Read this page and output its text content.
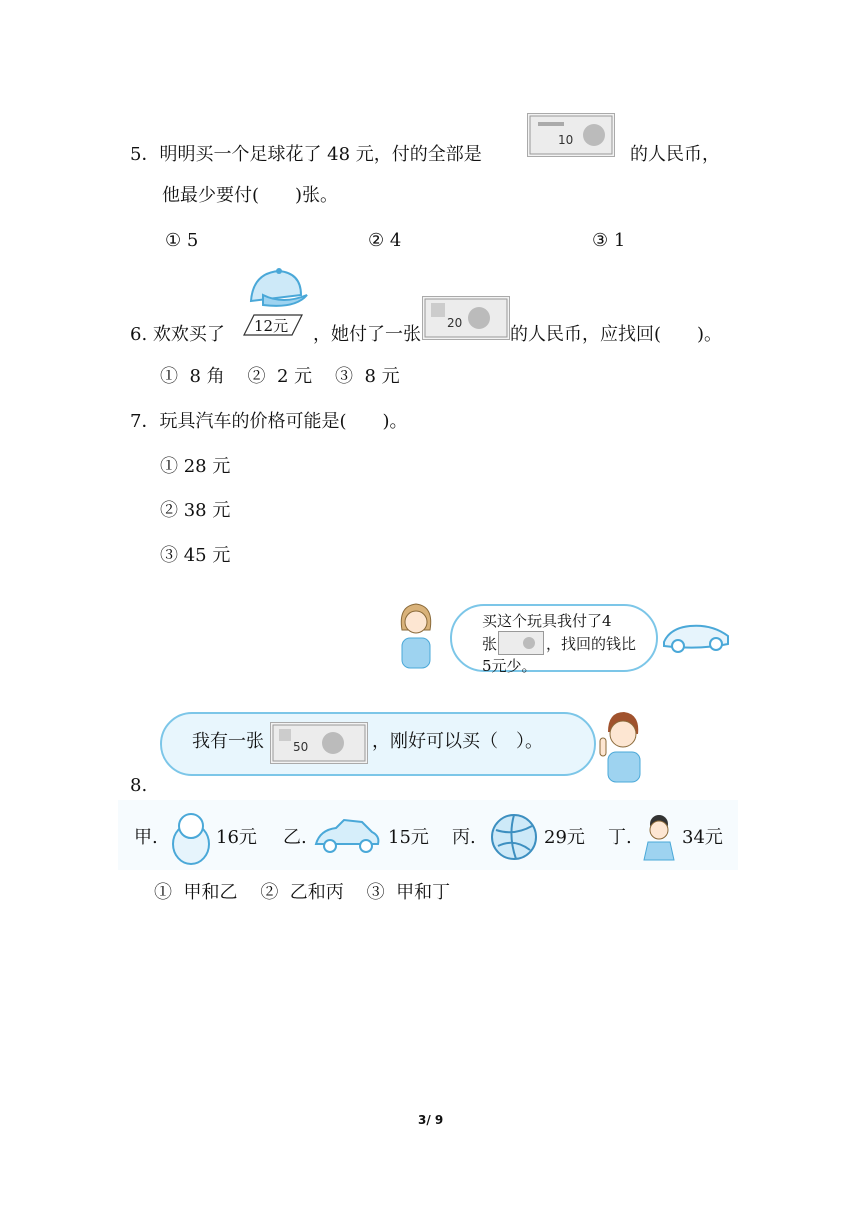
5．明明买一个足球花了 48 元，付的全部是
10
的人民币，
他最少要付(　　)张。
① 5	② 4	③ 1
12元
6. 欢欢买了	，她付了一张
20
的人民币，应找回(　　)。
①  8 角    ②  2 元    ③  8 元
7．玩具汽车的价格可能是(　　)。
① 28 元
② 38 元
③ 45 元
买这个玩具我付了4
张	，找回的钱比
5元少。
我有一张 50	，刚好可以买（　）。
8.
甲.	16元 乙.	15元 丙.	29元 丁.	34元
①  甲和乙    ②  乙和丙    ③  甲和丁
3/ 9
